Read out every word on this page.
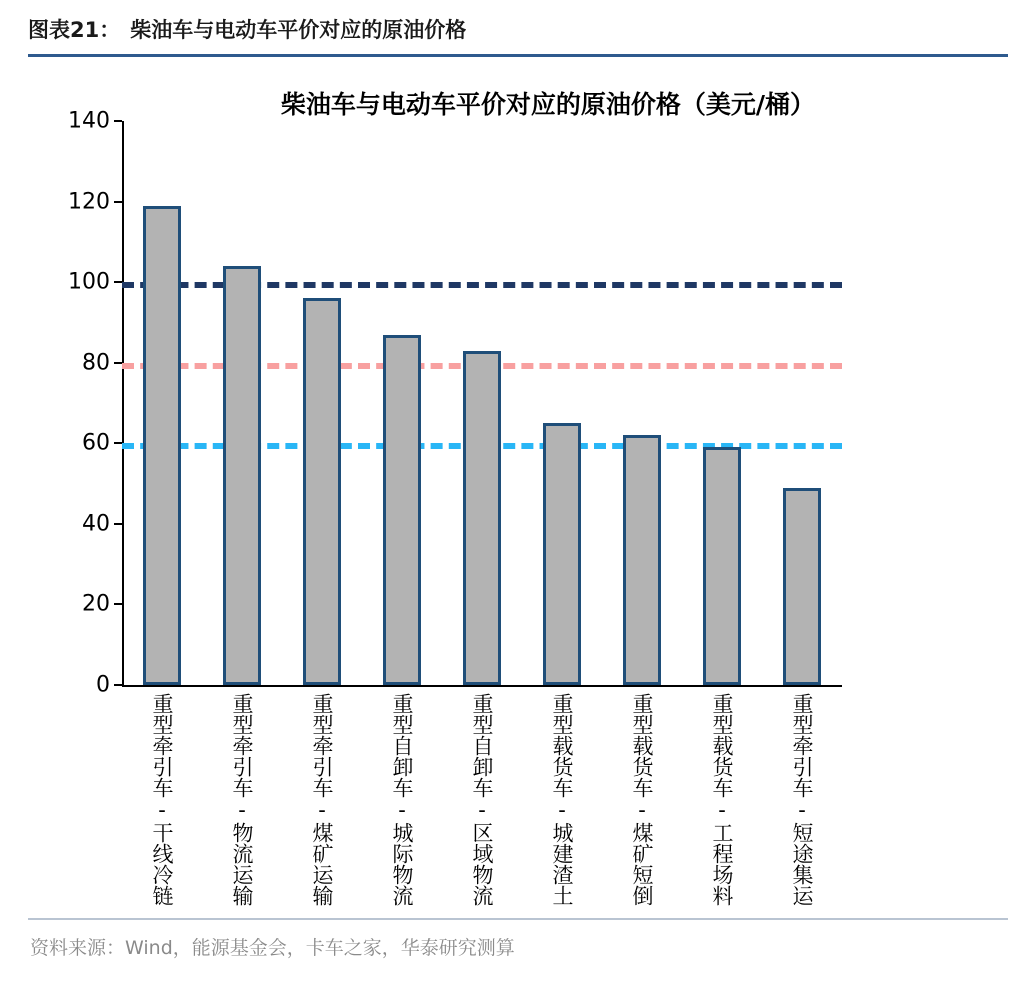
图表21： 柴油车与电动车平价对应的原油价格
柴油车与电动车平价对应的原油价格（美元/桶）
0
20
40
60
80
100
120
140
重型牵引车-干线冷链	重型牵引车-物流运输	重型牵引车-煤矿运输	重型自卸车-城际物流	重型自卸车-区域物流	重型载货车-城建渣土	重型载货车-煤矿短倒	重型载货车-工程场料	重型牵引车-短途集运
资料来源：Wind，能源基金会，卡车之家，华泰研究测算
